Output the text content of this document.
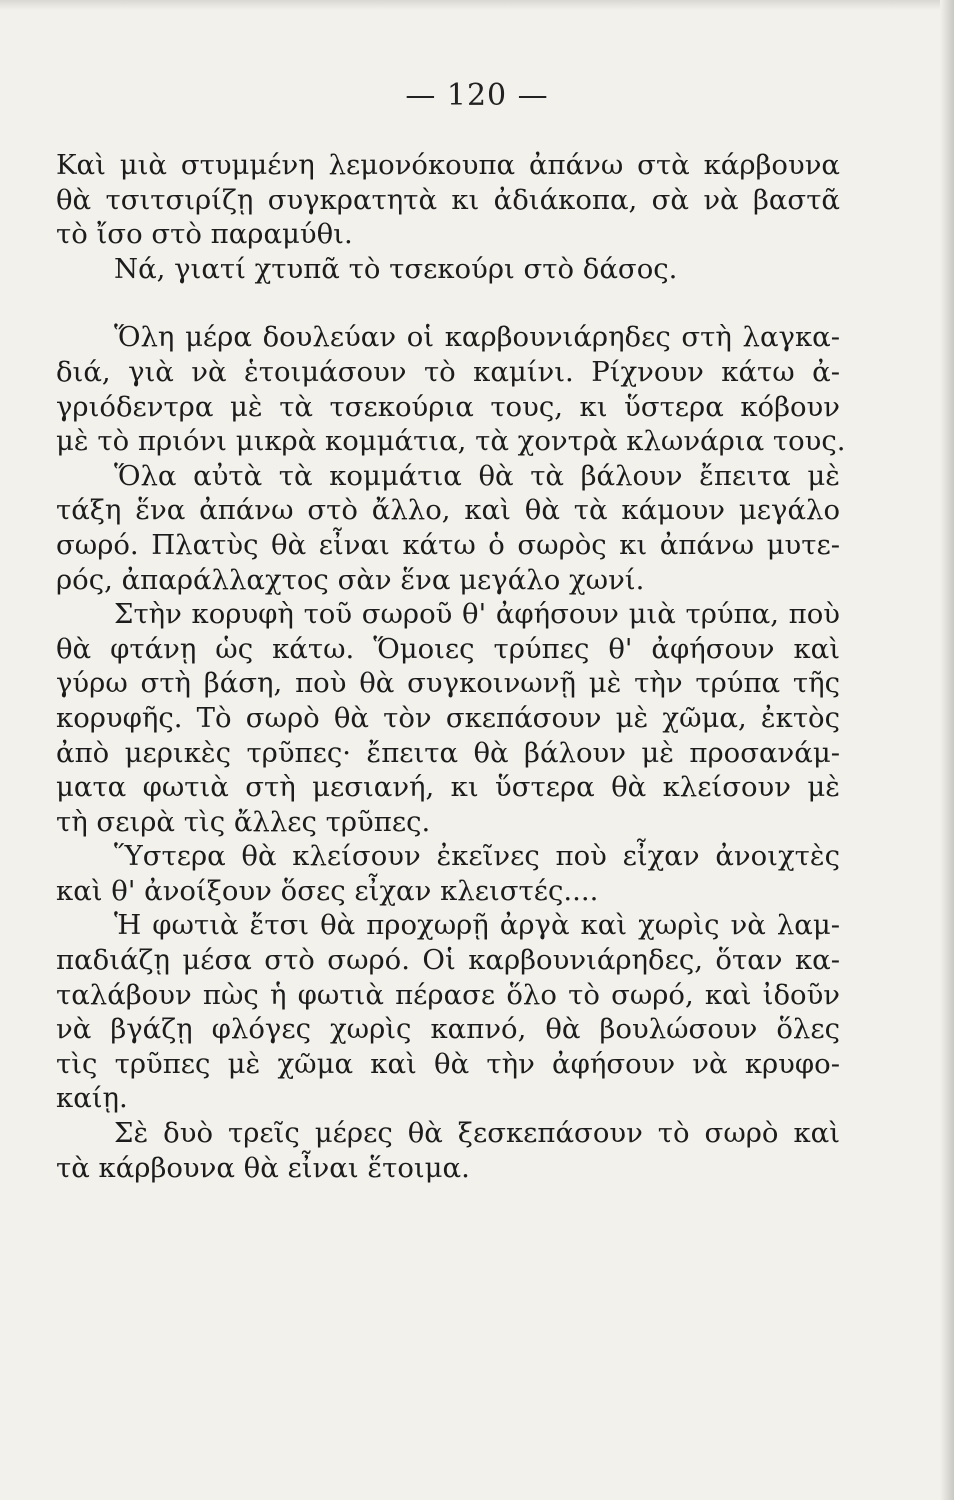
— 120 —
Καὶ μιὰ στυμμένη λεμονόκουπα ἀπάνω στὰ κάρβουνα
θὰ τσιτσιρίζῃ συγκρατητὰ κι ἀδιάκοπα, σὰ νὰ βαστᾶ
τὸ ἴσο στὸ παραμύθι.
Νά, γιατί χτυπᾶ τὸ τσεκούρι στὸ δάσος.
Ὅλη μέρα δουλεύαν οἱ καρβουνιάρηδες στὴ λαγκα-
διά, γιὰ νὰ ἑτοιμάσουν τὸ καμίνι. Ρίχνουν κάτω ἀ-
γριόδεντρα μὲ τὰ τσεκούρια τους, κι ὕστερα κόβουν
μὲ τὸ πριόνι μικρὰ κομμάτια, τὰ χοντρὰ κλωνάρια τους.
Ὅλα αὐτὰ τὰ κομμάτια θὰ τὰ βάλουν ἔπειτα μὲ
τάξη ἕνα ἀπάνω στὸ ἄλλο, καὶ θὰ τὰ κάμουν μεγάλο
σωρό. Πλατὺς θὰ εἶναι κάτω ὁ σωρὸς κι ἀπάνω μυτε-
ρός, ἀπαράλλαχτος σὰν ἕνα μεγάλο χωνί.
Στὴν κορυφὴ τοῦ σωροῦ θ' ἀφήσουν μιὰ τρύπα, ποὺ
θὰ φτάνῃ ὡς κάτω. Ὅμοιες τρύπες θ' ἀφήσουν καὶ
γύρω στὴ βάση, ποὺ θὰ συγκοινωνῇ μὲ τὴν τρύπα τῆς
κορυφῆς. Τὸ σωρὸ θὰ τὸν σκεπάσουν μὲ χῶμα, ἐκτὸς
ἀπὸ μερικὲς τρῦπες· ἔπειτα θὰ βάλουν μὲ προσανάμ-
ματα φωτιὰ στὴ μεσιανή, κι ὕστερα θὰ κλείσουν μὲ
τὴ σειρὰ τὶς ἄλλες τρῦπες.
Ὕστερα θὰ κλείσουν ἐκεῖνες ποὺ εἶχαν ἀνοιχτὲς
καὶ θ' ἀνοίξουν ὅσες εἶχαν κλειστές....
Ἡ φωτιὰ ἔτσι θὰ προχωρῇ ἀργὰ καὶ χωρὶς νὰ λαμ-
παδιάζῃ μέσα στὸ σωρό. Οἱ καρβουνιάρηδες, ὅταν κα-
ταλάβουν πὼς ἡ φωτιὰ πέρασε ὅλο τὸ σωρό, καὶ ἰδοῦν
νὰ βγάζῃ φλόγες χωρὶς καπνό, θὰ βουλώσουν ὅλες
τὶς τρῦπες μὲ χῶμα καὶ θὰ τὴν ἀφήσουν νὰ κρυφο-
καίῃ.
Σὲ δυὸ τρεῖς μέρες θὰ ξεσκεπάσουν τὸ σωρὸ καὶ
τὰ κάρβουνα θὰ εἶναι ἕτοιμα.
